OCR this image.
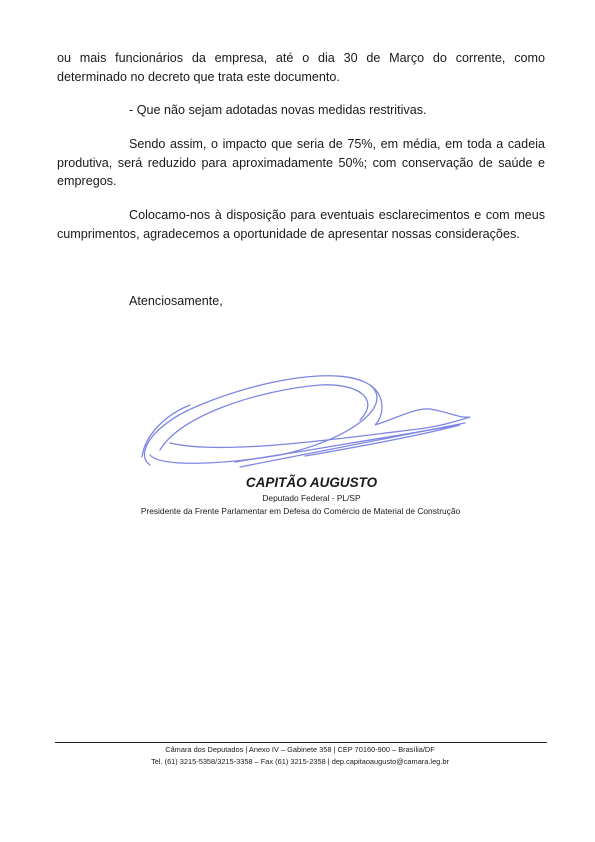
ou mais funcionários da empresa, até o dia 30 de Março do corrente, como determinado no decreto que trata este documento.
- Que não sejam adotadas novas medidas restritivas.
Sendo assim, o impacto que seria de 75%, em média, em toda a cadeia produtiva, será reduzido para aproximadamente 50%; com conservação de saúde e empregos.
Colocamo-nos à disposição para eventuais esclarecimentos e com meus cumprimentos, agradecemos a oportunidade de apresentar nossas considerações.
Atenciosamente,
CAPITÃO AUGUSTO
Deputado Federal - PL/SP
Presidente da Frente Parlamentar em Defesa do Comércio de Material de Construção
Câmara dos Deputados | Anexo IV – Gabinete 358 | CEP 70160-900 – Brasília/DF
Tel. (61) 3215-5358/3215-3358 – Fax (61) 3215-2358 | dep.capitaoaugusto@camara.leg.br
